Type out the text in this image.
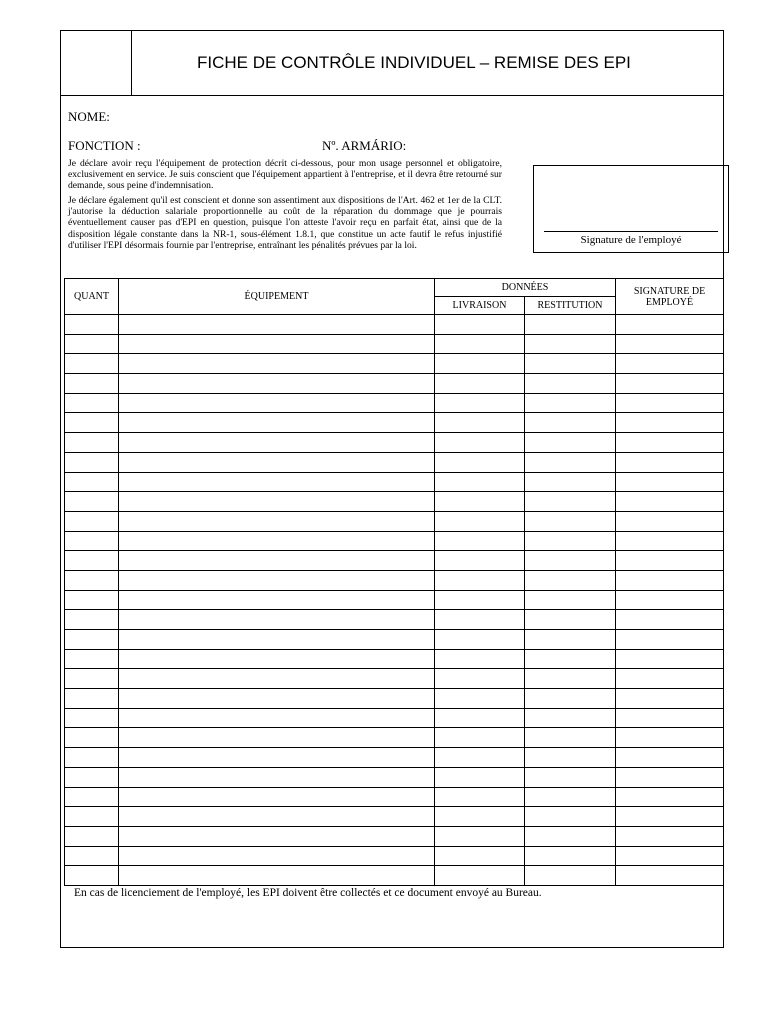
FICHE DE CONTRÔLE INDIVIDUEL – REMISE DES EPI
NOME:
FONCTION :	Nº. ARMÁRIO:
Je déclare avoir reçu l'équipement de protection décrit ci-dessous, pour mon usage personnel et obligatoire, exclusivement en service. Je suis conscient que l'équipement appartient à l'entreprise, et il devra être retourné sur demande, sous peine d'indemnisation.
Je déclare également qu'il est conscient et donne son assentiment aux dispositions de l'Art. 462 et 1er de la CLT. j'autorise la déduction salariale proportionnelle au coût de la réparation du dommage que je pourrais éventuellement causer pas d'EPI en question, puisque l'on atteste l'avoir reçu en parfait état, ainsi que de la disposition légale constante dans la NR-1, sous-élément 1.8.1, que constitue un acte fautif le refus injustifié d'utiliser l'EPI désormais fournie par l'entreprise, entraînant les pénalités prévues par la loi.	Signature de l'employé
QUANT	ÉQUIPEMENT	DONNÉES		SIGNATURE DE EMPLOYÉ
		LIVRAISON	RESTITUTION	

En cas de licenciement de l'employé, les EPI doivent être collectés et ce document envoyé au Bureau.
